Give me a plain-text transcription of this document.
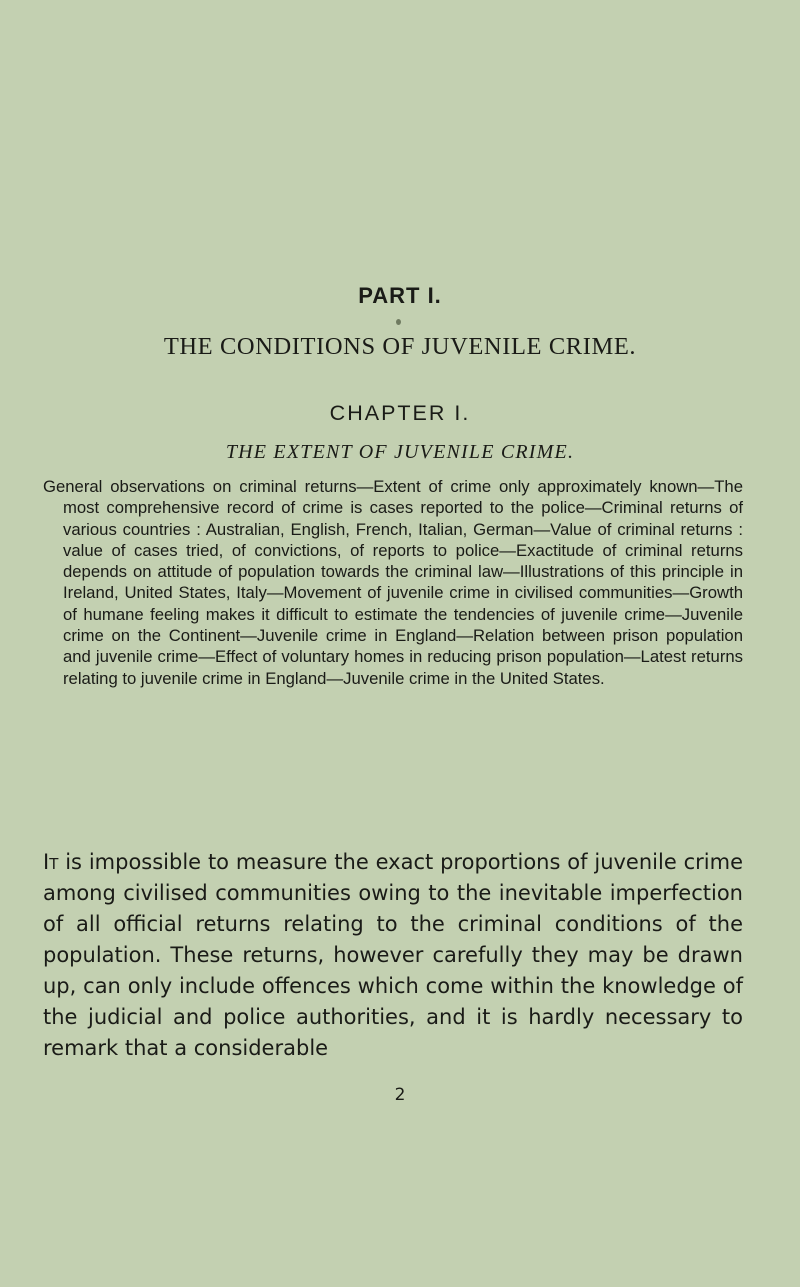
PART I.
THE CONDITIONS OF JUVENILE CRIME.
CHAPTER I.
THE EXTENT OF JUVENILE CRIME.

General observations on criminal returns—Extent of crime only approximately known—The most comprehensive record of crime is cases reported to the police—Criminal returns of various countries : Australian, English, French, Italian, German—Value of criminal returns : value of cases tried, of convictions, of reports to police—Exactitude of criminal returns depends on attitude of population towards the criminal law—Illustrations of this principle in Ireland, United States, Italy—Movement of juvenile crime in civilised communities—Growth of humane feeling makes it difficult to estimate the tendencies of juvenile crime—Juvenile crime on the Continent—Juvenile crime in England—Relation between prison population and juvenile crime—Effect of voluntary homes in reducing prison population—Latest returns relating to juvenile crime in England—Juvenile crime in the United States.

It is impossible to measure the exact proportions of juvenile crime among civilised communities owing to the inevitable imperfection of all official returns relating to the criminal conditions of the population. These returns, however carefully they may be drawn up, can only include offences which come within the knowledge of the judicial and police authorities, and it is hardly necessary to remark that a considerable

2
